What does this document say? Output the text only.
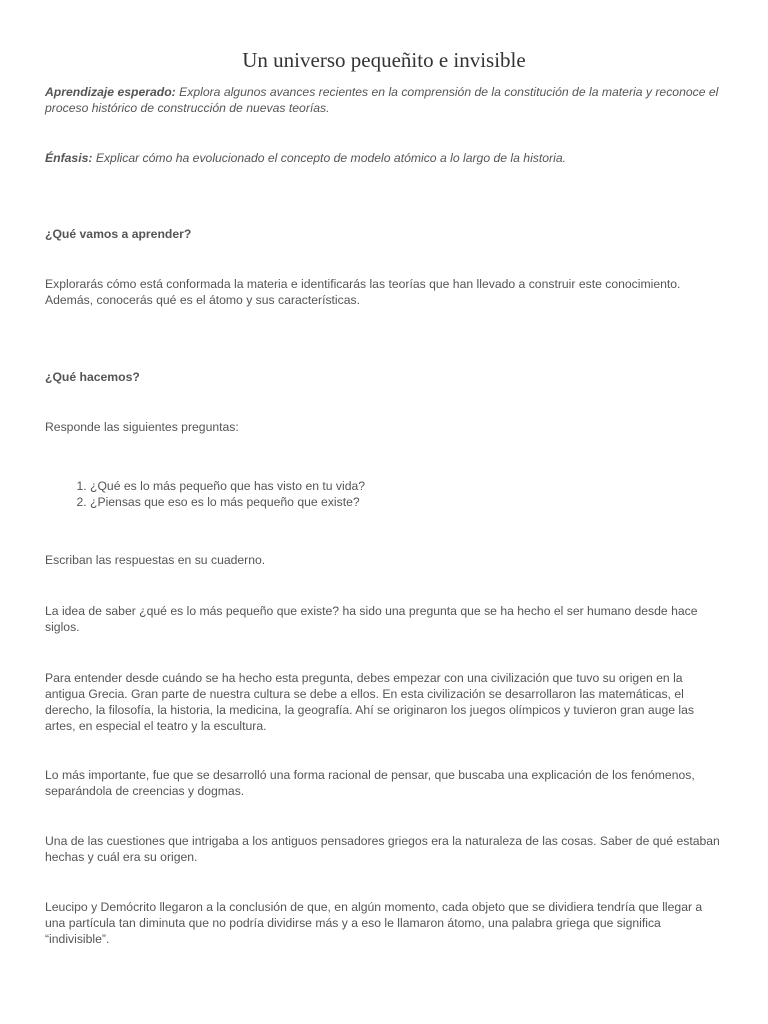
Un universo pequeñito e invisible

Aprendizaje esperado: Explora algunos avances recientes en la comprensión de la constitución de la materia y reconoce el proceso histórico de construcción de nuevas teorías.

Énfasis: Explicar cómo ha evolucionado el concepto de modelo atómico a lo largo de la historia.

¿Qué vamos a aprender?

Explorarás cómo está conformada la materia e identificarás las teorías que han llevado a construir este conocimiento. Además, conocerás qué es el átomo y sus características.

¿Qué hacemos?

Responde las siguientes preguntas:

1. ¿Qué es lo más pequeño que has visto en tu vida?
2. ¿Piensas que eso es lo más pequeño que existe?

Escriban las respuestas en su cuaderno.

La idea de saber ¿qué es lo más pequeño que existe? ha sido una pregunta que se ha hecho el ser humano desde hace siglos.

Para entender desde cuándo se ha hecho esta pregunta, debes empezar con una civilización que tuvo su origen en la antigua Grecia. Gran parte de nuestra cultura se debe a ellos. En esta civilización se desarrollaron las matemáticas, el derecho, la filosofía, la historia, la medicina, la geografía. Ahí se originaron los juegos olímpicos y tuvieron gran auge las artes, en especial el teatro y la escultura.

Lo más importante, fue que se desarrolló una forma racional de pensar, que buscaba una explicación de los fenómenos, separándola de creencias y dogmas.

Una de las cuestiones que intrigaba a los antiguos pensadores griegos era la naturaleza de las cosas. Saber de qué estaban hechas y cuál era su origen.

Leucipo y Demócrito llegaron a la conclusión de que, en algún momento, cada objeto que se dividiera tendría que llegar a una partícula tan diminuta que no podría dividirse más y a eso le llamaron átomo, una palabra griega que significa “indivisible”.
